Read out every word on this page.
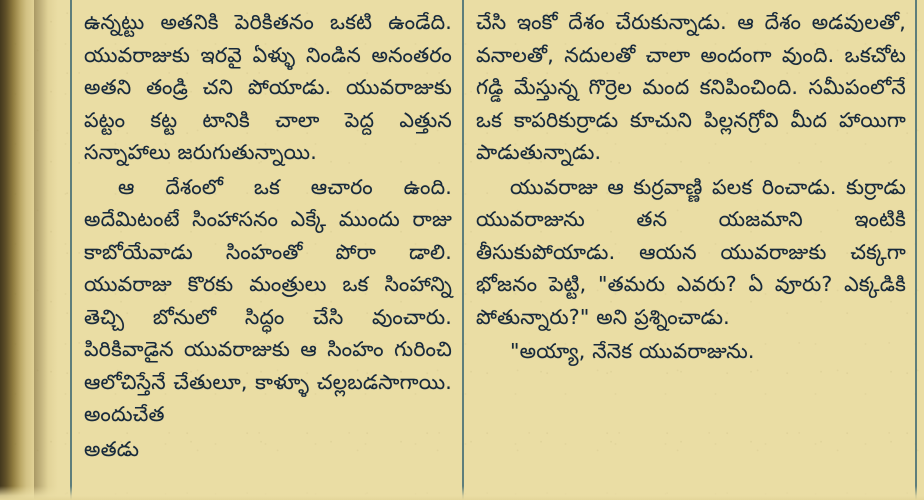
ఉన్నట్టు అతనికి పెరికితనం ఒకటి ఉండేది. యువరాజుకు ఇరవై ఏళ్ళు నిండిన అనంతరం అతని తండ్రి చని పోయాడు. యువరాజుకు పట్టం కట్ట టానికి చాలా పెద్ద ఎత్తున సన్నాహాలు జరుగుతున్నాయి.

ఆ దేశంలో ఒక ఆచారం ఉంది. అదేమిటంటే సింహాసనం ఎక్కే ముందు రాజు కాబోయేవాడు సింహంతో పోరా డాలి. యువరాజు కొరకు మంత్రులు ఒక సింహాన్ని తెచ్చి బోనులో సిద్ధం చేసి వుంచారు. పిరికివాడైన యువరాజుకు ఆ సింహం గురించి ఆలోచిస్తేనే చేతులూ, కాళ్ళూ చల్లబడసాగాయి. అందుచేత

అతడు

చేసి ఇంకో దేశం చేరుకున్నాడు. ఆ దేశం అడవులతో, వనాలతో, నదులతో చాలా అందంగా వుంది. ఒకచోట గడ్డి మేస్తున్న గొర్రెల మంద కనిపించింది. సమీపంలోనే ఒక కాపరికుర్రాడు కూచుని పిల్లనగ్రోవి మీద హాయిగా పాడుతున్నాడు.

యువరాజు ఆ కుర్రవాణ్ణి పలక రించాడు. కుర్రాడు యువరాజును తన యజమాని ఇంటికి తీసుకుపోయాడు. ఆయన యువరాజుకు చక్కగా భోజనం పెట్టి, "తమరు ఎవరు? ఏ వూరు? ఎక్కడికి పోతున్నారు?" అని ప్రశ్నించాడు.

"అయ్యా, నేనెక యువరాజును.
